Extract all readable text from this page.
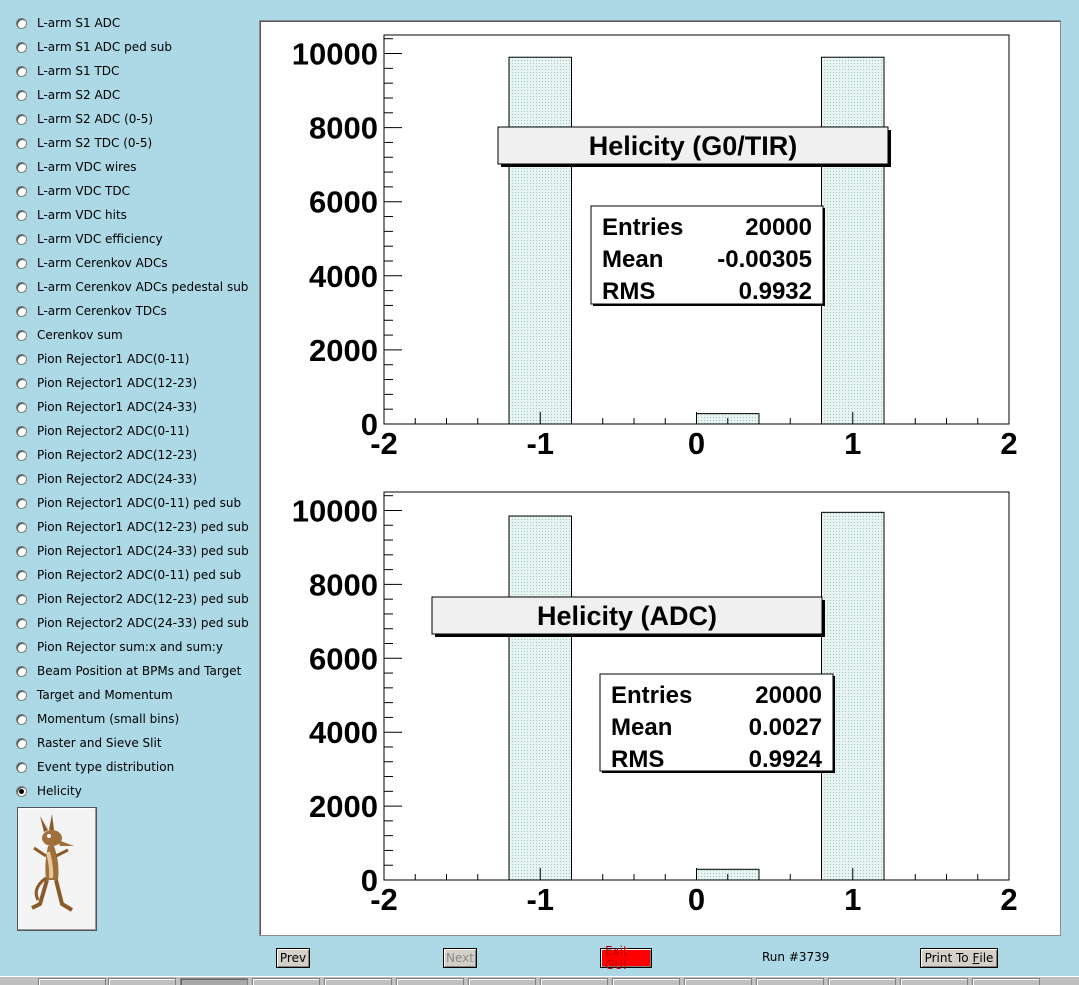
L-arm S1 ADC
L-arm S1 ADC ped sub
L-arm S1 TDC
L-arm S2 ADC
L-arm S2 ADC (0-5)
L-arm S2 TDC (0-5)
L-arm VDC wires
L-arm VDC TDC
L-arm VDC hits
L-arm VDC efficiency
L-arm Cerenkov ADCs
L-arm Cerenkov ADCs pedestal sub
L-arm Cerenkov TDCs
Cerenkov sum
Pion Rejector1 ADC(0-11)
Pion Rejector1 ADC(12-23)
Pion Rejector1 ADC(24-33)
Pion Rejector2 ADC(0-11)
Pion Rejector2 ADC(12-23)
Pion Rejector2 ADC(24-33)
Pion Rejector1 ADC(0-11) ped sub
Pion Rejector1 ADC(12-23) ped sub
Pion Rejector1 ADC(24-33) ped sub
Pion Rejector2 ADC(0-11) ped sub
Pion Rejector2 ADC(12-23) ped sub
Pion Rejector2 ADC(24-33) ped sub
Pion Rejector sum:x and sum:y
Beam Position at BPMs and Target
Target and Momentum
Momentum (small bins)
Raster and Sieve Slit
Event type distribution
Helicity
0
2000
4000
6000
8000
10000
-2	-1	0	1	2
Helicity (G0/TIR)
Entries	20000
Mean -0.00305
RMS	0.9932
0
2000
4000
6000
8000
10000
-2	-1	0	1	2
Helicity (ADC)
Entries	20000
Mean	0.0027
RMS	0.9924
Prev	Next	Exit GUI
Run #3739	Print To F ile
